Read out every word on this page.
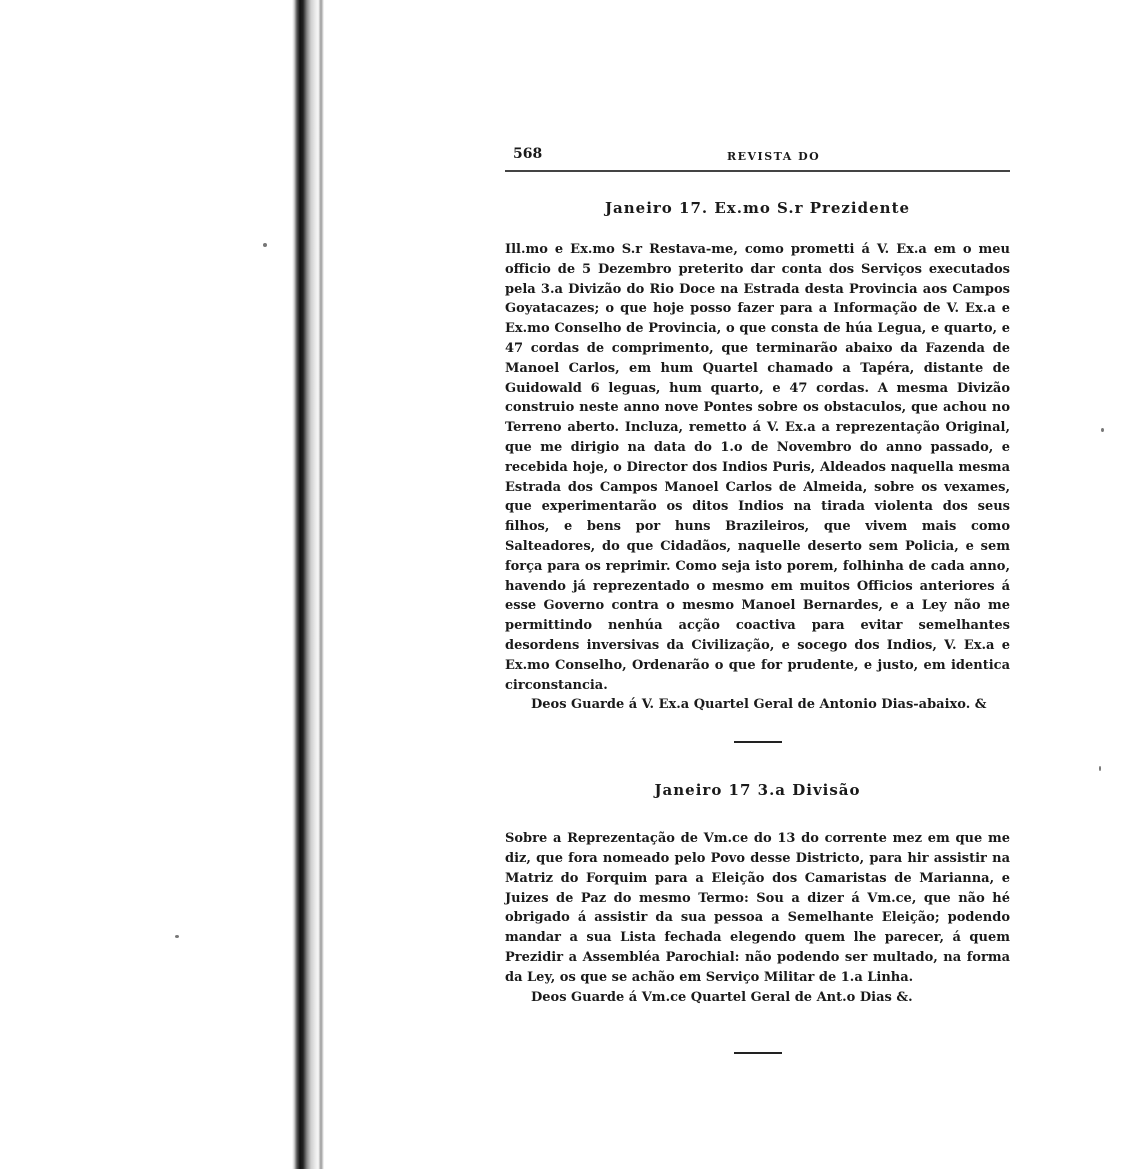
568	REVISTA DO
Janeiro 17. Ex.mo S.r Prezidente

Ill.mo e Ex.mo S.r Restava-me, como prometti á V. Ex.a em o meu officio de 5 Dezembro preterito dar conta dos Serviços executados pela 3.a Divizão do Rio Doce na Estrada desta Provincia aos Campos Goyatacazes; o que hoje posso fazer para a Informação de V. Ex.a e Ex.mo Conselho de Provincia, o que consta de húa Legua, e quarto, e 47 cordas de comprimento, que terminarão abaixo da Fazenda de Manoel Carlos, em hum Quartel chamado a Tapéra, distante de Guidowald 6 leguas, hum quarto, e 47 cordas. A mesma Divizão construio neste anno nove Pontes sobre os obstaculos, que achou no Terreno aberto. Incluza, remetto á V. Ex.a a reprezentação Original, que me dirigio na data do 1.o de Novembro do anno passado, e recebida hoje, o Director dos Indios Puris, Aldeados naquella mesma Estrada dos Campos Manoel Carlos de Almeida, sobre os vexames, que experimentarão os ditos Indios na tirada violenta dos seus filhos, e bens por huns Brazileiros, que vivem mais como Salteadores, do que Cidadãos, naquelle deserto sem Policia, e sem força para os reprimir. Como seja isto porem, folhinha de cada anno, havendo já reprezentado o mesmo em muitos Officios anteriores á esse Governo contra o mesmo Manoel Bernardes, e a Ley não me permittindo nenhúa acção coactiva para evitar semelhantes desordens inversivas da Civilização, e socego dos Indios, V. Ex.a e Ex.mo Conselho, Ordenarão o que for prudente, e justo, em identica circonstancia.

Deos Guarde á V. Ex.a Quartel Geral de Antonio Dias-abaixo. &

Janeiro 17 3.a Divisão

Sobre a Reprezentação de Vm.ce do 13 do corrente mez em que me diz, que fora nomeado pelo Povo desse Districto, para hir assistir na Matriz do Forquim para a Eleição dos Camaristas de Marianna, e Juizes de Paz do mesmo Termo: Sou a dizer á Vm.ce, que não hé obrigado á assistir da sua pessoa a Semelhante Eleição; podendo mandar a sua Lista fechada elegendo quem lhe parecer, á quem Prezidir a Assembléa Parochial: não podendo ser multado, na forma da Ley, os que se achão em Serviço Militar de 1.a Linha.

Deos Guarde á Vm.ce Quartel Geral de Ant.o Dias &.
